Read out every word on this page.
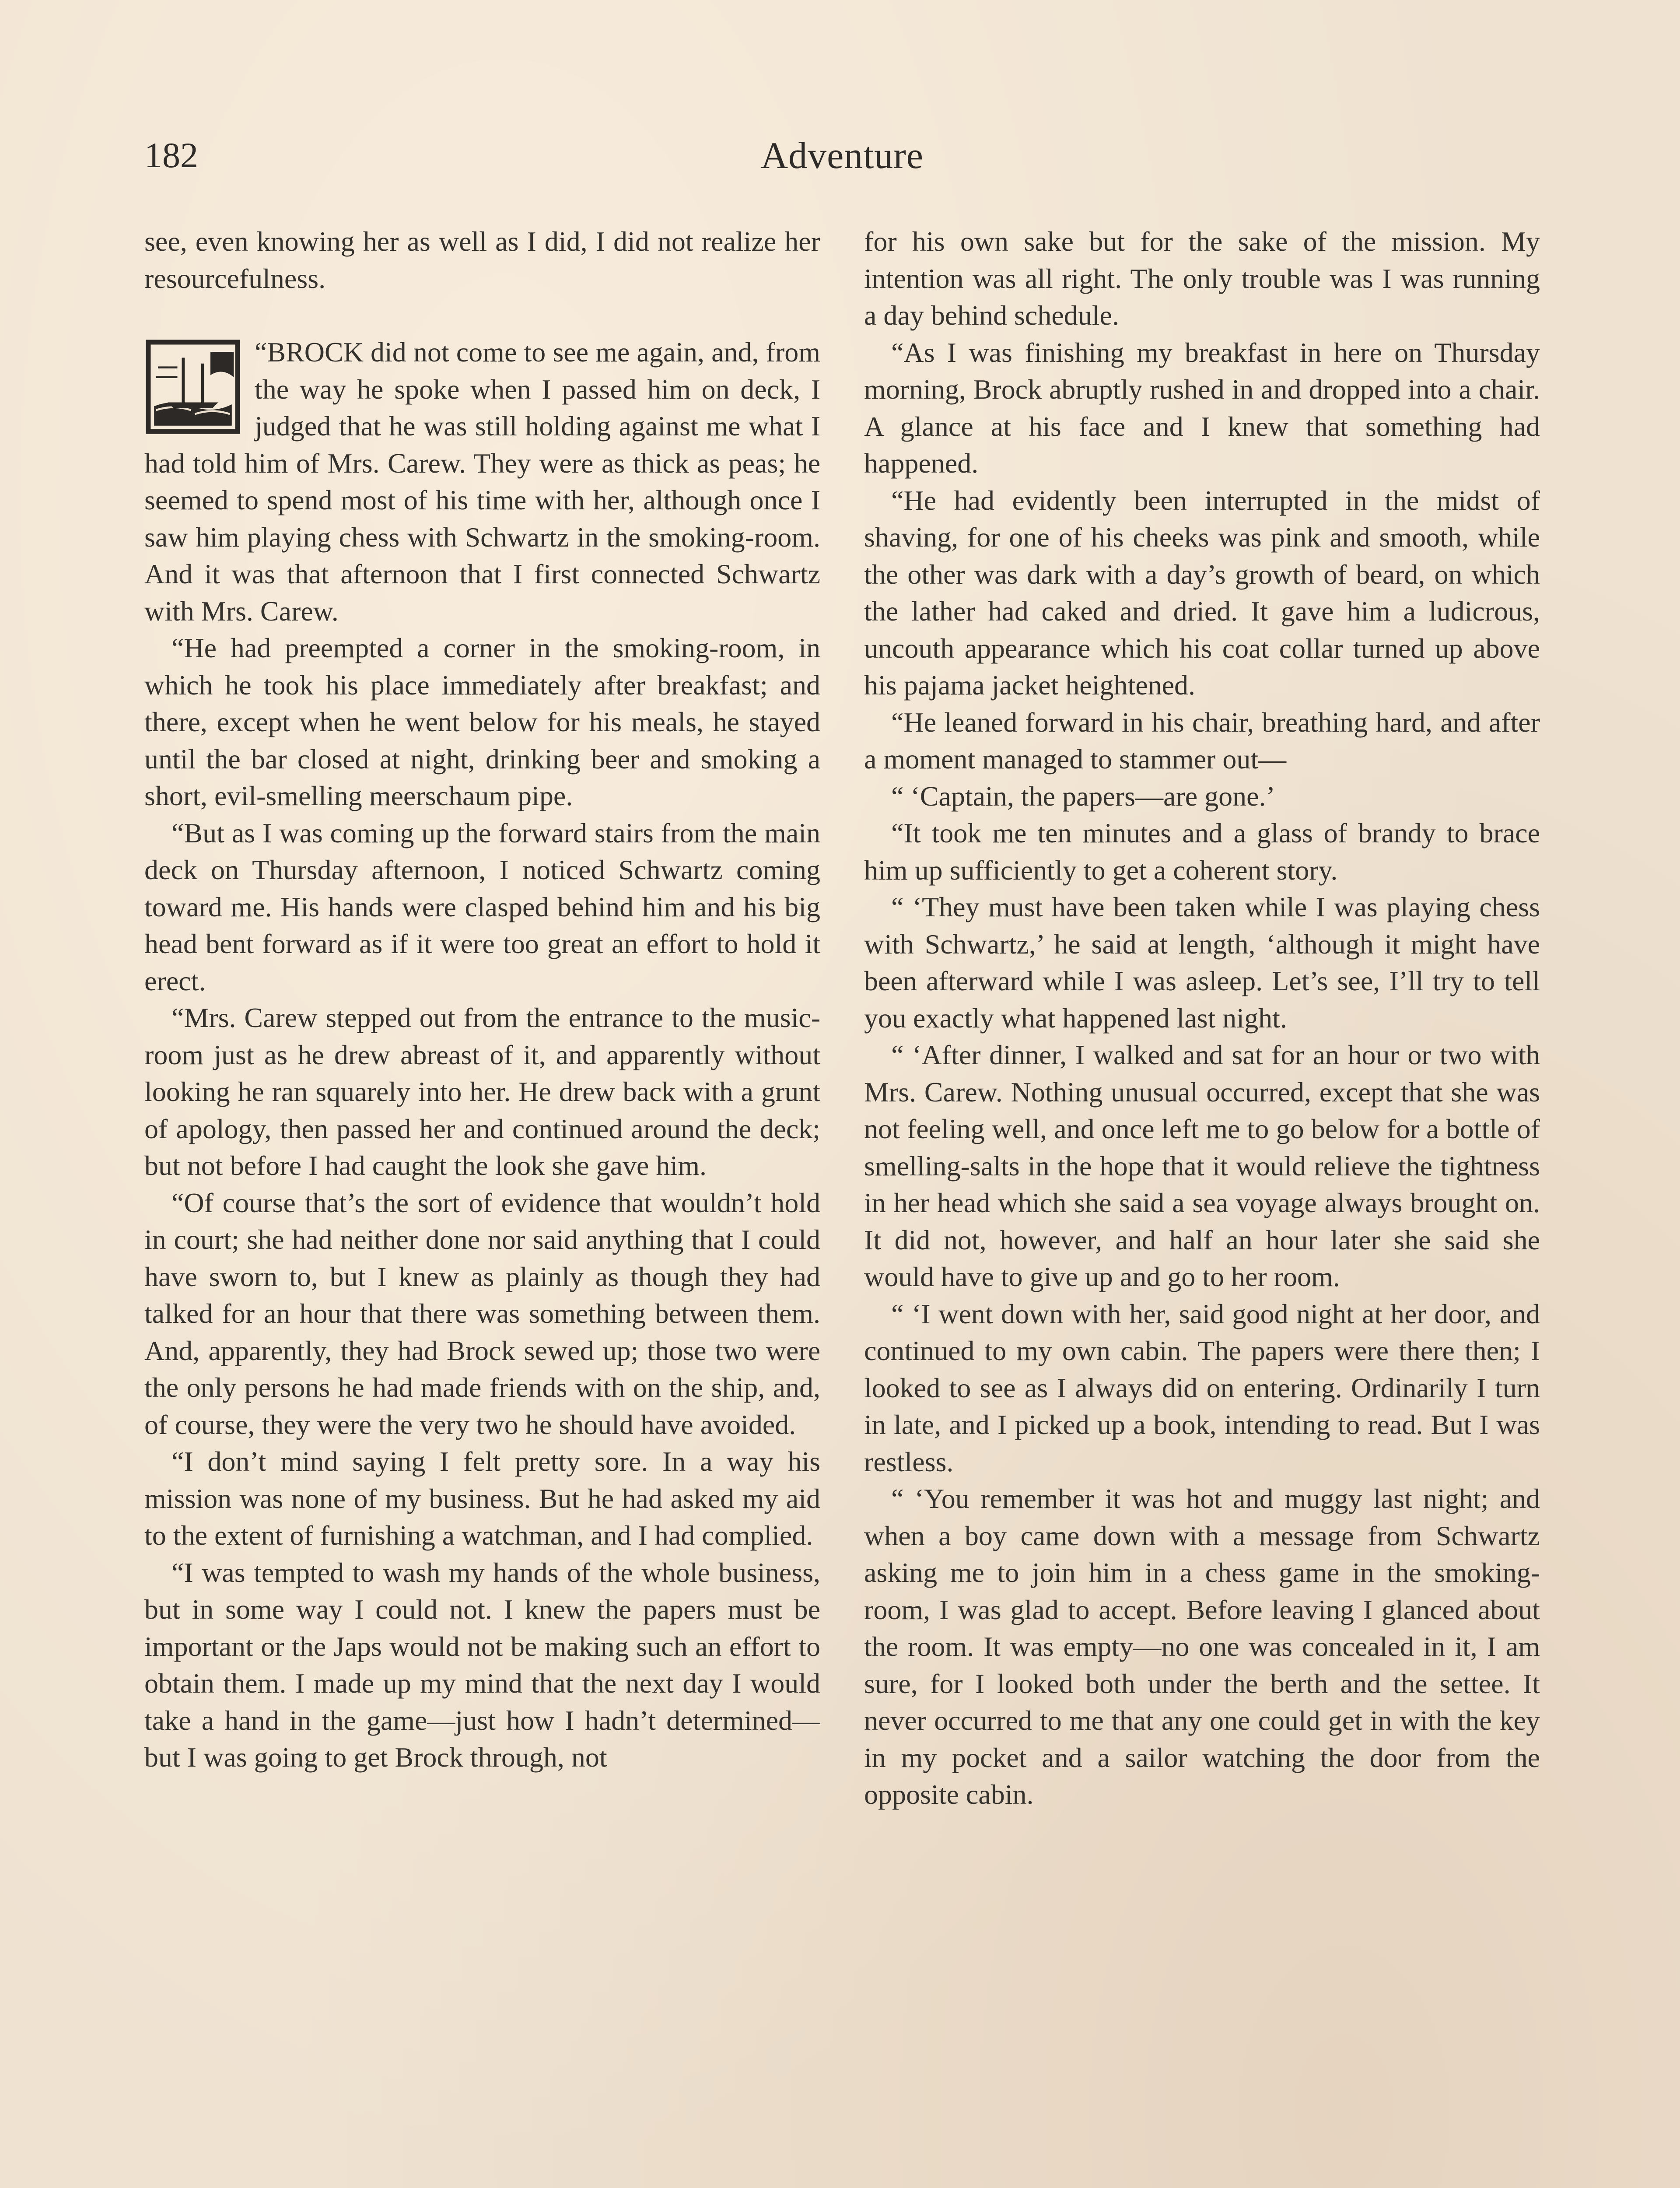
182	Adventure

see, even knowing her as well as I did, I did not realize her resourcefulness.

“BROCK did not come to see me again, and, from the way he spoke when I passed him on deck, I judged that he was still holding against me what I had told him of Mrs. Carew. They were as thick as peas; he seemed to spend most of his time with her, although once I saw him playing chess with Schwartz in the smoking-room. And it was that afternoon that I first connected Schwartz with Mrs. Carew.

“He had preempted a corner in the smoking-room, in which he took his place immediately after breakfast; and there, except when he went below for his meals, he stayed until the bar closed at night, drinking beer and smoking a short, evil-smelling meerschaum pipe.

“But as I was coming up the forward stairs from the main deck on Thursday afternoon, I noticed Schwartz coming toward me. His hands were clasped behind him and his big head bent forward as if it were too great an effort to hold it erect.

“Mrs. Carew stepped out from the entrance to the music-room just as he drew abreast of it, and apparently without looking he ran squarely into her. He drew back with a grunt of apology, then passed her and continued around the deck; but not before I had caught the look she gave him.

“Of course that’s the sort of evidence that wouldn’t hold in court; she had neither done nor said anything that I could have sworn to, but I knew as plainly as though they had talked for an hour that there was something between them. And, apparently, they had Brock sewed up; those two were the only persons he had made friends with on the ship, and, of course, they were the very two he should have avoided.

“I don’t mind saying I felt pretty sore. In a way his mission was none of my business. But he had asked my aid to the extent of furnishing a watchman, and I had complied.

“I was tempted to wash my hands of the whole business, but in some way I could not. I knew the papers must be important or the Japs would not be making such an effort to obtain them. I made up my mind that the next day I would take a hand in the game—just how I hadn’t determined—but I was going to get Brock through, not

for his own sake but for the sake of the mission. My intention was all right. The only trouble was I was running a day behind schedule.

“As I was finishing my breakfast in here on Thursday morning, Brock abruptly rushed in and dropped into a chair. A glance at his face and I knew that something had happened.

“He had evidently been interrupted in the midst of shaving, for one of his cheeks was pink and smooth, while the other was dark with a day’s growth of beard, on which the lather had caked and dried. It gave him a ludicrous, uncouth appearance which his coat collar turned up above his pajama jacket heightened.

“He leaned forward in his chair, breathing hard, and after a moment managed to stammer out—

“ ‘Captain, the papers—are gone.’

“It took me ten minutes and a glass of brandy to brace him up sufficiently to get a coherent story.

“ ‘They must have been taken while I was playing chess with Schwartz,’ he said at length, ‘although it might have been afterward while I was asleep. Let’s see, I’ll try to tell you exactly what happened last night.

“ ‘After dinner, I walked and sat for an hour or two with Mrs. Carew. Nothing unusual occurred, except that she was not feeling well, and once left me to go below for a bottle of smelling-salts in the hope that it would relieve the tightness in her head which she said a sea voyage always brought on. It did not, however, and half an hour later she said she would have to give up and go to her room.

“ ‘I went down with her, said good night at her door, and continued to my own cabin. The papers were there then; I looked to see as I always did on entering. Ordinarily I turn in late, and I picked up a book, intending to read. But I was restless.

“ ‘You remember it was hot and muggy last night; and when a boy came down with a message from Schwartz asking me to join him in a chess game in the smoking-room, I was glad to accept. Before leaving I glanced about the room. It was empty—no one was concealed in it, I am sure, for I looked both under the berth and the settee. It never occurred to me that any one could get in with the key in my pocket and a sailor watching the door from the opposite cabin.
